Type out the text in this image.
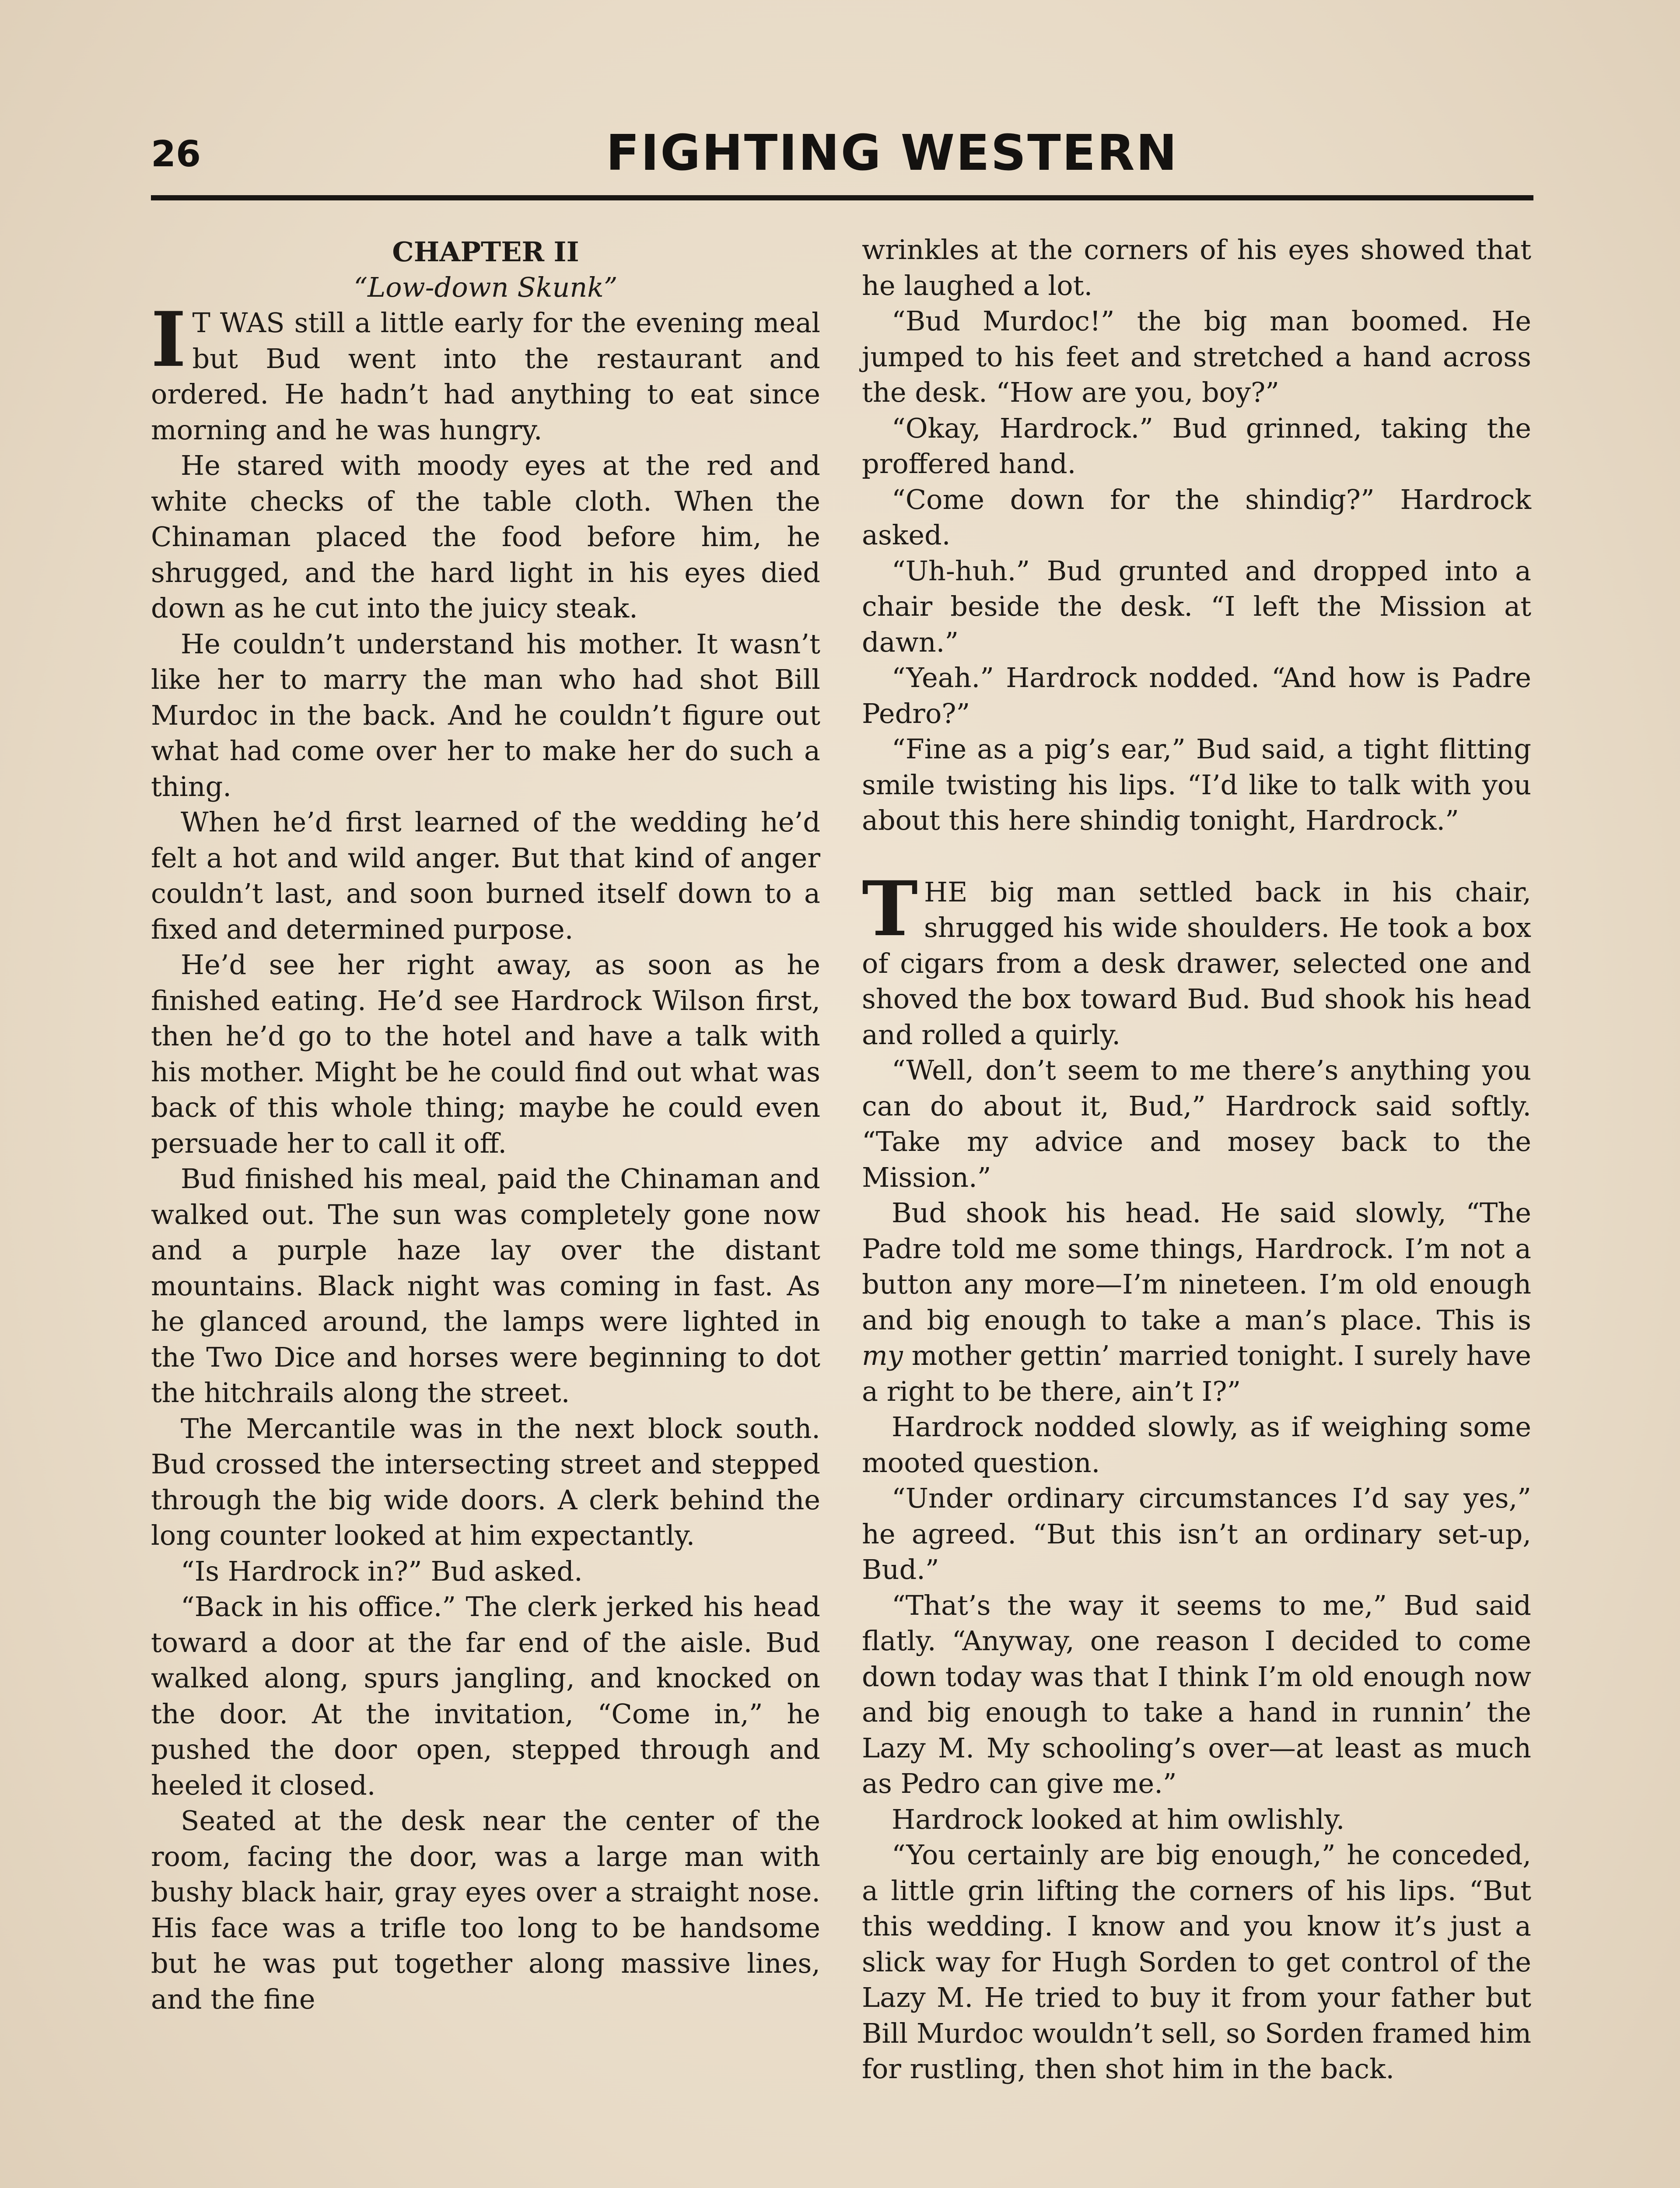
26	FIGHTING WESTERN

CHAPTER II

“Low-down Skunk”

I T WAS still a little early for the evening meal but Bud went into the restaurant and ordered. He hadn’t had anything to eat since morning and he was hungry.

He stared with moody eyes at the red and white checks of the table cloth. When the Chinaman placed the food before him, he shrugged, and the hard light in his eyes died down as he cut into the juicy steak.

He couldn’t understand his mother. It wasn’t like her to marry the man who had shot Bill Murdoc in the back. And he couldn’t figure out what had come over her to make her do such a thing.

When he’d first learned of the wedding he’d felt a hot and wild anger. But that kind of anger couldn’t last, and soon burned itself down to a fixed and determined purpose.

He’d see her right away, as soon as he finished eating. He’d see Hardrock Wilson first, then he’d go to the hotel and have a talk with his mother. Might be he could find out what was back of this whole thing; maybe he could even persuade her to call it off.

Bud finished his meal, paid the Chinaman and walked out. The sun was completely gone now and a purple haze lay over the distant mountains. Black night was coming in fast. As he glanced around, the lamps were lighted in the Two Dice and horses were beginning to dot the hitchrails along the street.

The Mercantile was in the next block south. Bud crossed the intersecting street and stepped through the big wide doors. A clerk behind the long counter looked at him expectantly.

“Is Hardrock in?” Bud asked.

“Back in his office.” The clerk jerked his head toward a door at the far end of the aisle. Bud walked along, spurs jangling, and knocked on the door. At the invitation, “Come in,” he pushed the door open, stepped through and heeled it closed.

Seated at the desk near the center of the room, facing the door, was a large man with bushy black hair, gray eyes over a straight nose. His face was a trifle too long to be handsome but he was put together along massive lines, and the fine

wrinkles at the corners of his eyes showed that he laughed a lot.

“Bud Murdoc!” the big man boomed. He jumped to his feet and stretched a hand across the desk. “How are you, boy?”

“Okay, Hardrock.” Bud grinned, taking the proffered hand.

“Come down for the shindig?” Hardrock asked.

“Uh-huh.” Bud grunted and dropped into a chair beside the desk. “I left the Mission at dawn.”

“Yeah.” Hardrock nodded. “And how is Padre Pedro?”

“Fine as a pig’s ear,” Bud said, a tight flitting smile twisting his lips. “I’d like to talk with you about this here shindig tonight, Hardrock.”

THE big man settled back in his chair, shrugged his wide shoulders. He took a box of cigars from a desk drawer, selected one and shoved the box toward Bud. Bud shook his head and rolled a quirly.

“Well, don’t seem to me there’s anything you can do about it, Bud,” Hardrock said softly. “Take my advice and mosey back to the Mission.”

Bud shook his head. He said slowly, “The Padre told me some things, Hardrock. I’m not a button any more—I’m nineteen. I’m old enough and big enough to take a man’s place. This is my mother gettin’ married tonight. I surely have a right to be there, ain’t I?”

Hardrock nodded slowly, as if weighing some mooted question.

“Under ordinary circumstances I’d say yes,” he agreed. “But this isn’t an ordinary set-up, Bud.”

“That’s the way it seems to me,” Bud said flatly. “Anyway, one reason I decided to come down today was that I think I’m old enough now and big enough to take a hand in runnin’ the Lazy M. My schooling’s over—at least as much as Pedro can give me.”

Hardrock looked at him owlishly.

“You certainly are big enough,” he conceded, a little grin lifting the corners of his lips. “But this wedding. I know and you know it’s just a slick way for Hugh Sorden to get control of the Lazy M. He tried to buy it from your father but Bill Murdoc wouldn’t sell, so Sorden framed him for rustling, then shot him in the back.
